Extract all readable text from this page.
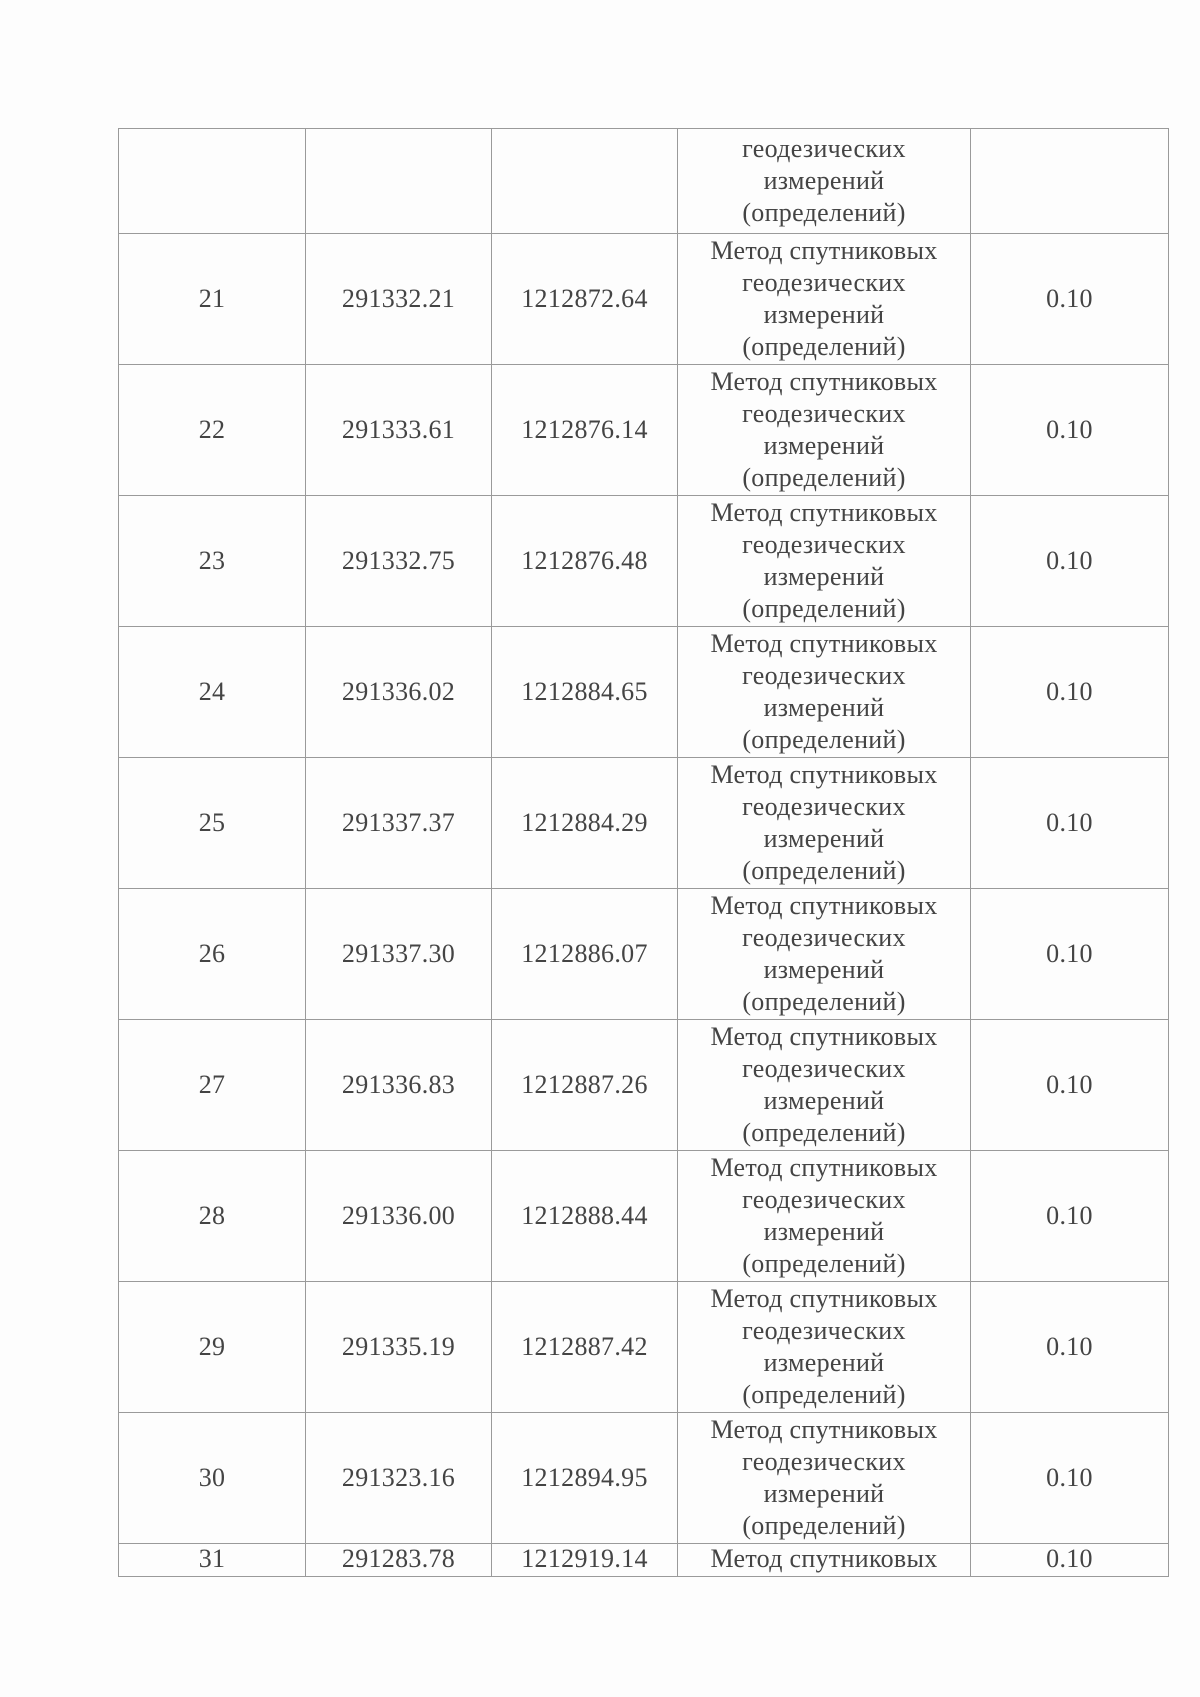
			геодезических
измерений
(определений)	

21	291332.21	1212872.64	Метод спутниковых
геодезических
измерений
(определений)	0.10
22	291333.61	1212876.14	Метод спутниковых
геодезических
измерений
(определений)	0.10
23	291332.75	1212876.48	Метод спутниковых
геодезических
измерений
(определений)	0.10
24	291336.02	1212884.65	Метод спутниковых
геодезических
измерений
(определений)	0.10
25	291337.37	1212884.29	Метод спутниковых
геодезических
измерений
(определений)	0.10
26	291337.30	1212886.07	Метод спутниковых
геодезических
измерений
(определений)	0.10
27	291336.83	1212887.26	Метод спутниковых
геодезических
измерений
(определений)	0.10
28	291336.00	1212888.44	Метод спутниковых
геодезических
измерений
(определений)	0.10
29	291335.19	1212887.42	Метод спутниковых
геодезических
измерений
(определений)	0.10
30	291323.16	1212894.95	Метод спутниковых
геодезических
измерений
(определений)	0.10
31	291283.78	1212919.14	Метод спутниковых	0.10
